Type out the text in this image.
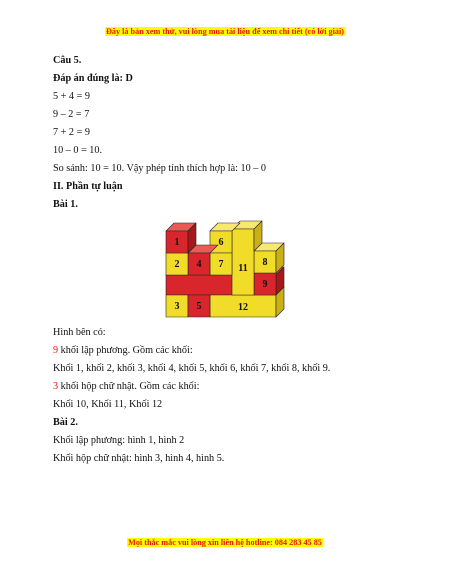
Đây là bản xem thử, vui lòng mua tài liệu để xem chi tiết (có lời giải)
Câu 5.
Đáp án đúng là: D
5 + 4 = 9
9 – 2 = 7
7 + 2 = 9
10 – 0 = 10.
So sánh: 10 = 10. Vậy phép tính thích hợp là: 10 – 0
II. Phần tự luận
Bài 1.
1
2
3
4
5
6
7	8
9
11
12
Hình bên có:
9 khối lập phương. Gồm các khối:
Khối 1, khối 2, khối 3, khối 4, khối 5, khối 6, khối 7, khối 8, khối 9.
3 khối hộp chữ nhật. Gồm các khối:
Khối 10, Khối 11, Khối 12
Bài 2.
Khối lập phương: hình 1, hình 2
Khối hộp chữ nhật: hình 3, hình 4, hình 5.
Mọi thắc mắc vui lòng xin liên hệ hotline: 084 283 45 85
